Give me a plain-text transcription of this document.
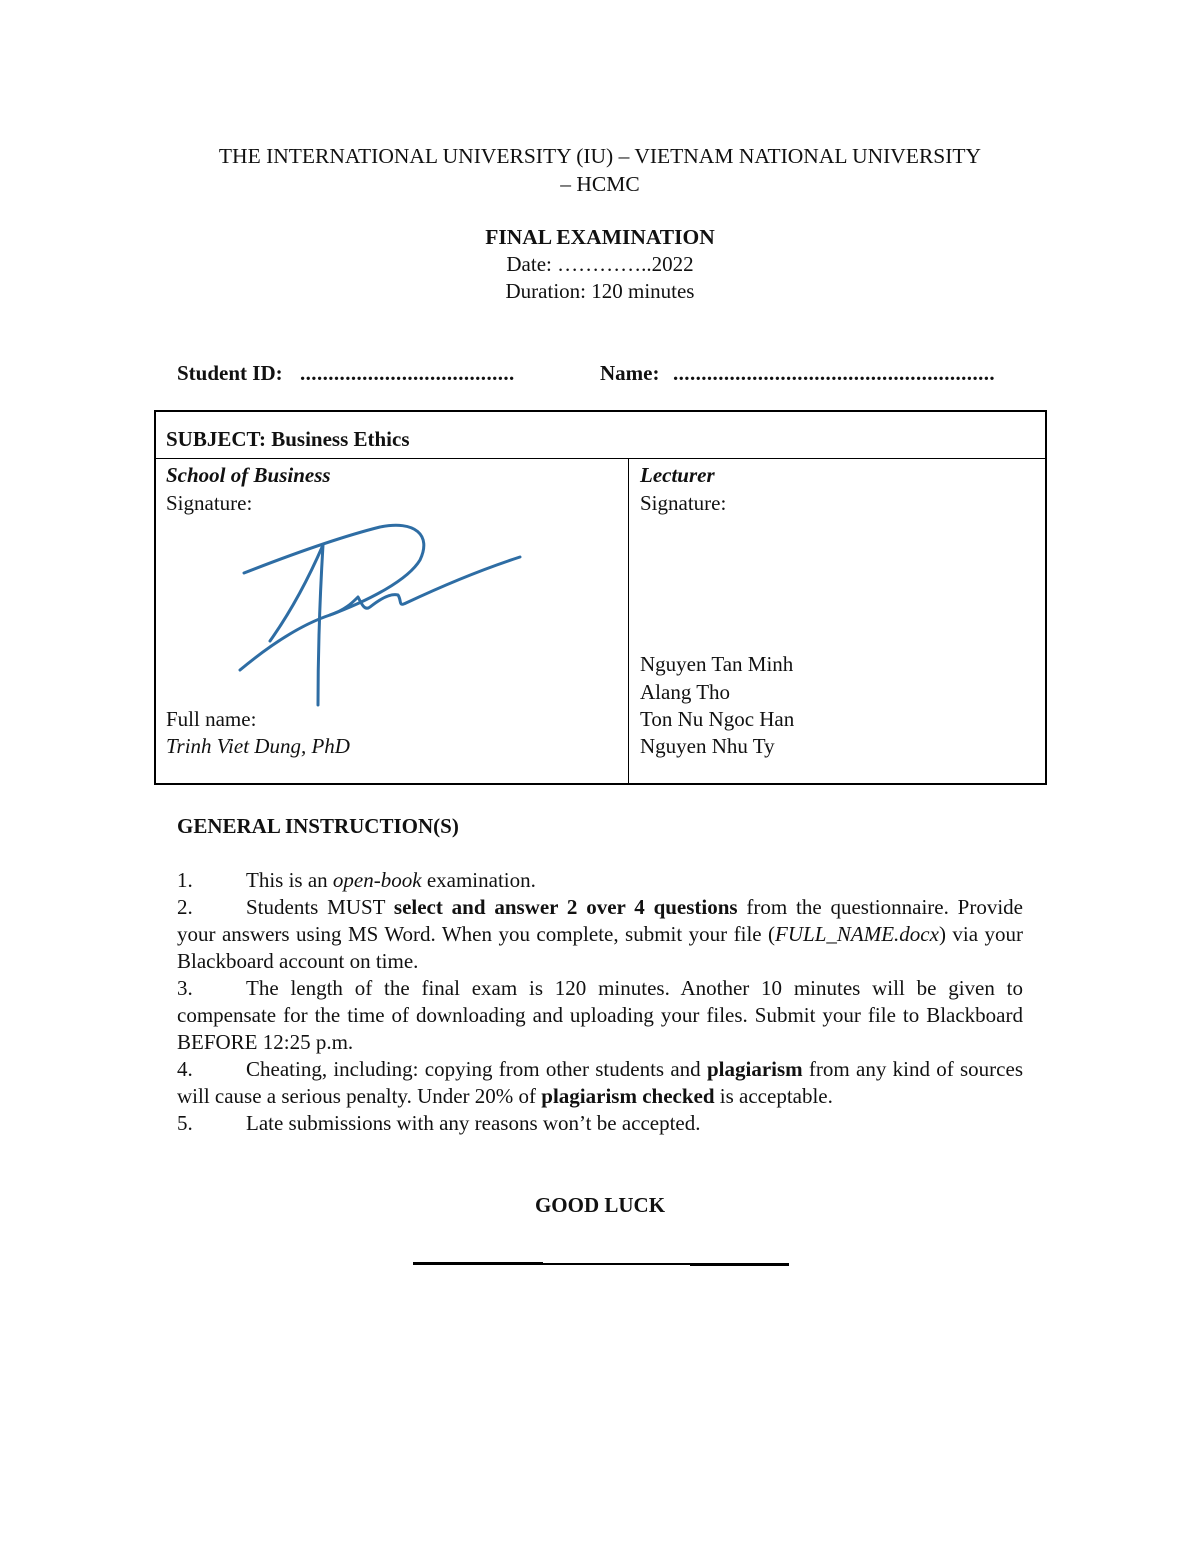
THE INTERNATIONAL UNIVERSITY (IU) – VIETNAM NATIONAL UNIVERSITY
– HCMC
FINAL EXAMINATION
Date: …………..2022
Duration: 120 minutes
Student ID: ......................................	Name: .........................................................
SUBJECT: Business Ethics
School of Business
Signature:
Full name:
Trinh Viet Dung, PhD
Lecturer
Signature:
Nguyen Tan Minh
Alang Tho
Ton Nu Ngoc Han
Nguyen Nhu Ty
GENERAL INSTRUCTION(S)
1.	This is an open-book examination.
2.	Students MUST select and answer 2 over 4 questions from the questionnaire. Provide your answers using MS Word. When you complete, submit your file (FULL_NAME.docx) via your Blackboard account on time.
3.	The length of the final exam is 120 minutes. Another 10 minutes will be given to compensate for the time of downloading and uploading your files. Submit your file to Blackboard BEFORE 12:25 p.m.
4.	Cheating, including: copying from other students and plagiarism from any kind of sources will cause a serious penalty. Under 20% of plagiarism checked is acceptable.
5.	Late submissions with any reasons won’t be accepted.
GOOD LUCK
